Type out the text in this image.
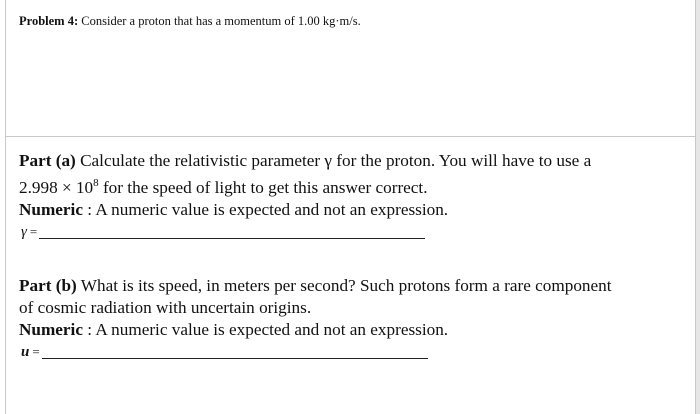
Problem 4: Consider a proton that has a momentum of 1.00 kg·m/s.
Part (a) Calculate the relativistic parameter γ for the proton. You will have to use a
$2.998 \times 10^8$ for the speed of light to get this answer correct.
Numeric : A numeric value is expected and not an expression.
γ =
Part (b) What is its speed, in meters per second? Such protons form a rare component
of cosmic radiation with uncertain origins.
Numeric : A numeric value is expected and not an expression.
u =
